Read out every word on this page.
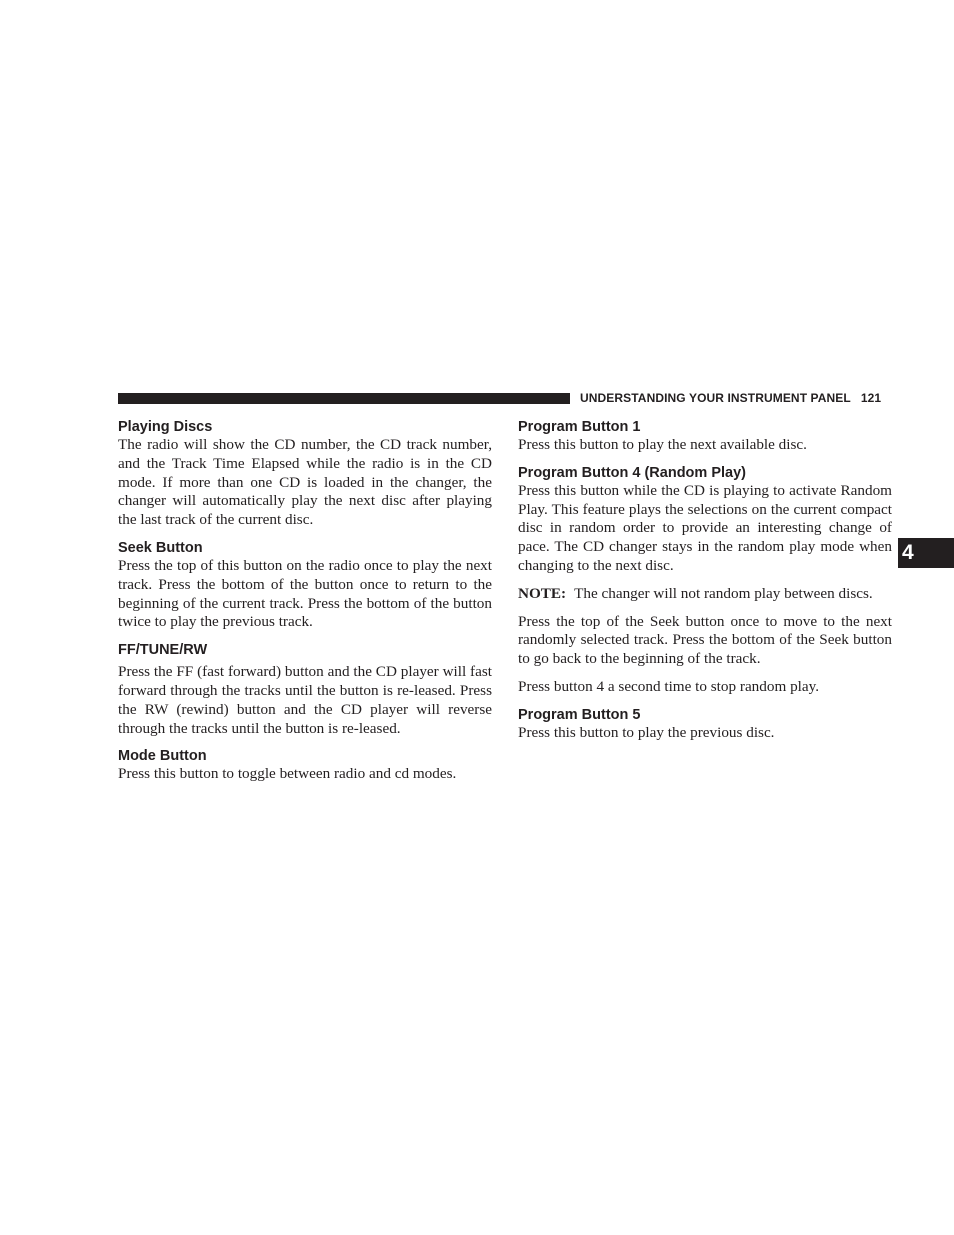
UNDERSTANDING YOUR INSTRUMENT PANEL 121
Playing Discs

The radio will show the CD number, the CD track number, and the Track Time Elapsed while the radio is in the CD mode. If more than one CD is loaded in the changer, the changer will automatically play the next disc after playing the last track of the current disc.

Seek Button

Press the top of this button on the radio once to play the next track. Press the bottom of the button once to return to the beginning of the current track. Press the bottom of the button twice to play the previous track.

FF/TUNE/RW

Press the FF (fast forward) button and the CD player will fast forward through the tracks until the button is re-leased. Press the RW (rewind) button and the CD player will reverse through the tracks until the button is re-leased.

Mode Button

Press this button to toggle between radio and cd modes.

Program Button 1

Press this button to play the next available disc.

Program Button 4 (Random Play)

Press this button while the CD is playing to activate Random Play. This feature plays the selections on the current compact disc in random order to provide an interesting change of pace. The CD changer stays in the random play mode when changing to the next disc.

NOTE: The changer will not random play between discs.

Press the top of the Seek button once to move to the next randomly selected track. Press the bottom of the Seek button to go back to the beginning of the track.

Press button 4 a second time to stop random play.

Program Button 5

Press this button to play the previous disc.

4
